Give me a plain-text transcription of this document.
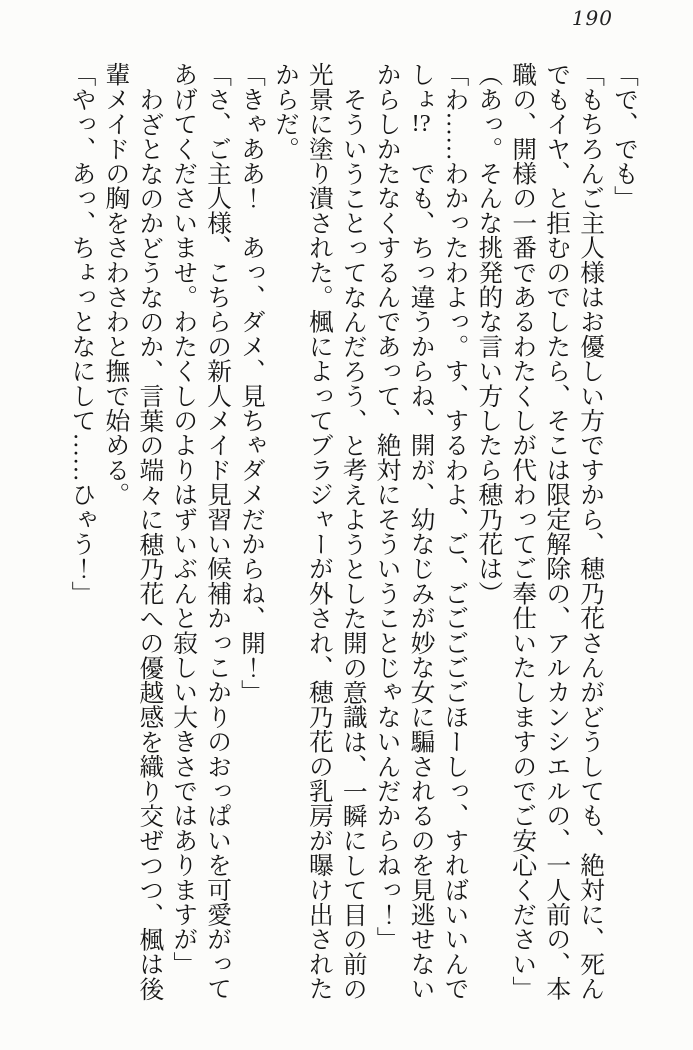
190

「で、でも」

「もちろんご主人様はお優しい方ですから、穂乃花さんがどうしても、絶対に、死んでもイヤ、と拒むのでしたら、そこは限定解除の、アルカンシエルの、一人前の、本職の、開様の一番であるわたくしが代わってご奉仕いたしますのでご安心ください」

（あっ。そんな挑発的な言い方したら穂乃花は）

「わ……わかったわよっ。す、するわよ、ご、ごごごごごほーしっ、すればいいんでしょ!?　でも、ちっ違うからね、開が、幼なじみが妙な女に騙されるのを見逃せないからしかたなくするんであって、絶対にそういうことじゃないんだからねっ！」

そういうことってなんだろう、と考えようとした開の意識は、一瞬にして目の前の光景に塗り潰された。楓によってブラジャーが外され、穂乃花の乳房が曝け出されたからだ。

「きゃああ！　あっ、ダメ、見ちゃダメだからね、開！」

「さ、ご主人様、こちらの新人メイド見習い候補かっこかりのおっぱいを可愛がってあげてくださいませ。わたくしのよりはずいぶんと寂しい大きさではありますが」

わざとなのかどうなのか、言葉の端々に穂乃花への優越感を織り交ぜつつ、楓は後輩メイドの胸をさわさわと撫で始める。

「やっ、あっ、ちょっとなにして……ひゃう！」
